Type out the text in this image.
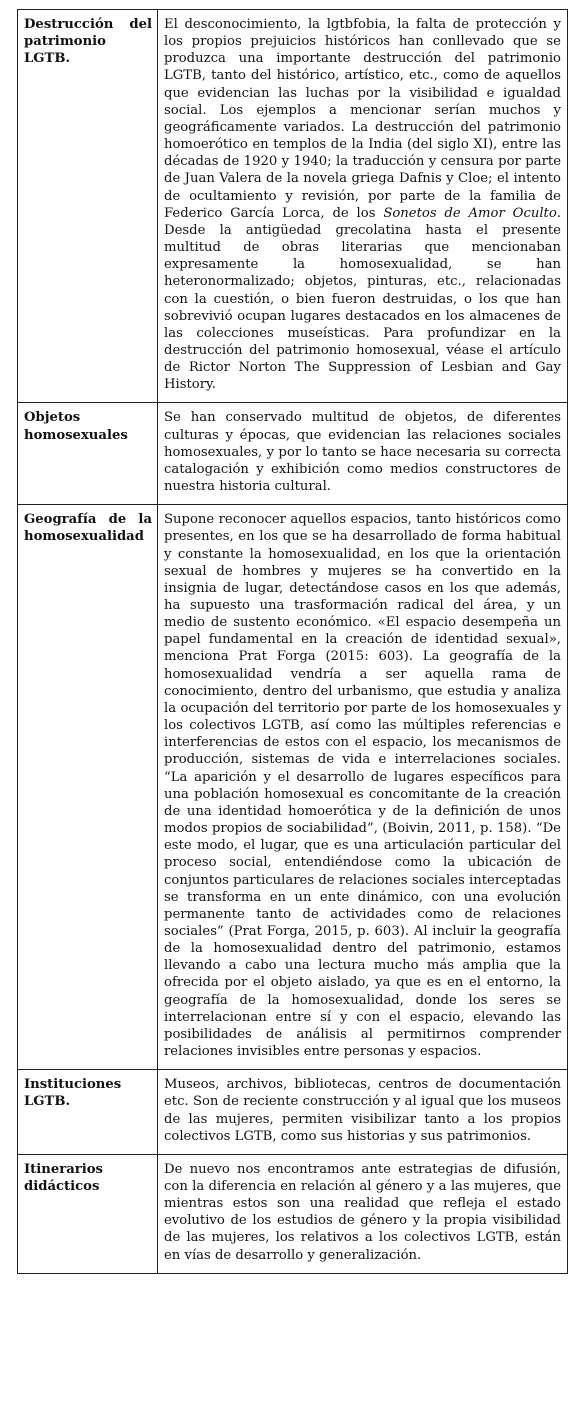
Destrucción del patrimonio LGTB.	El desconocimiento, la lgtbfobia, la falta de protección y los propios prejuicios históricos han conllevado que se produzca una importante destrucción del patrimonio LGTB, tanto del histórico, artístico, etc., como de aquellos que evidencian las luchas por la visibilidad e igualdad social. Los ejemplos a mencionar serían muchos y geográficamente variados. La destrucción del patrimonio homoerótico en templos de la India (del siglo XI), entre las décadas de 1920 y 1940; la traducción y censura por parte de Juan Valera de la novela griega Dafnis y Cloe; el intento de ocultamiento y revisión, por parte de la familia de Federico García Lorca, de los Sonetos de Amor Oculto. Desde la antigüedad grecolatina hasta el presente multitud de obras literarias que mencionaban expresamente la homosexualidad, se han heteronormalizado; objetos, pinturas, etc., relacionadas con la cuestión, o bien fueron destruidas, o los que han sobrevivió ocupan lugares destacados en los almacenes de las colecciones museísticas. Para profundizar en la destrucción del patrimonio homosexual, véase el artículo de Rictor Norton The Suppression of Lesbian and Gay History.
Objetos homosexuales	Se han conservado multitud de objetos, de diferentes culturas y épocas, que evidencian las relaciones sociales homosexuales, y por lo tanto se hace necesaria su correcta catalogación y exhibición como medios constructores de nuestra historia cultural.
Geografía de la homosexualidad	Supone reconocer aquellos espacios, tanto históricos como presentes, en los que se ha desarrollado de forma habitual y constante la homosexualidad, en los que la orientación sexual de hombres y mujeres se ha convertido en la insignia de lugar, detectándose casos en los que además, ha supuesto una trasformación radical del área, y un medio de sustento económico. «El espacio desempeña un papel fundamental en la creación de identidad sexual», menciona Prat Forga (2015: 603). La geografía de la homosexualidad vendría a ser aquella rama de conocimiento, dentro del urbanismo, que estudia y analiza la ocupación del territorio por parte de los homosexuales y los colectivos LGTB, así como las múltiples referencias e interferencias de estos con el espacio, los mecanismos de producción, sistemas de vida e interrelaciones sociales. “La aparición y el desarrollo de lugares específicos para una población homosexual es concomitante de la creación de una identidad homoerótica y de la definición de unos modos propios de sociabilidad”, (Boivin, 2011, p. 158). “De este modo, el lugar, que es una articulación particular del proceso social, entendiéndose como la ubicación de conjuntos particulares de relaciones sociales interceptadas se transforma en un ente dinámico, con una evolución permanente tanto de actividades como de relaciones sociales” (Prat Forga, 2015, p. 603). Al incluir la geografía de la homosexualidad dentro del patrimonio, estamos llevando a cabo una lectura mucho más amplia que la ofrecida por el objeto aislado, ya que es en el entorno, la geografía de la homosexualidad, donde los seres se interrelacionan entre sí y con el espacio, elevando las posibilidades de análisis al permitirnos comprender relaciones invisibles entre personas y espacios.
Instituciones LGTB.	Museos, archivos, bibliotecas, centros de documentación etc. Son de reciente construcción y al igual que los museos de las mujeres, permiten visibilizar tanto a los propios colectivos LGTB, como sus historias y sus patrimonios.
Itinerarios didácticos	De nuevo nos encontramos ante estrategias de difusión, con la diferencia en relación al género y a las mujeres, que mientras estos son una realidad que refleja el estado evolutivo de los estudios de género y la propia visibilidad de las mujeres, los relativos a los colectivos LGTB, están en vías de desarrollo y generalización.
